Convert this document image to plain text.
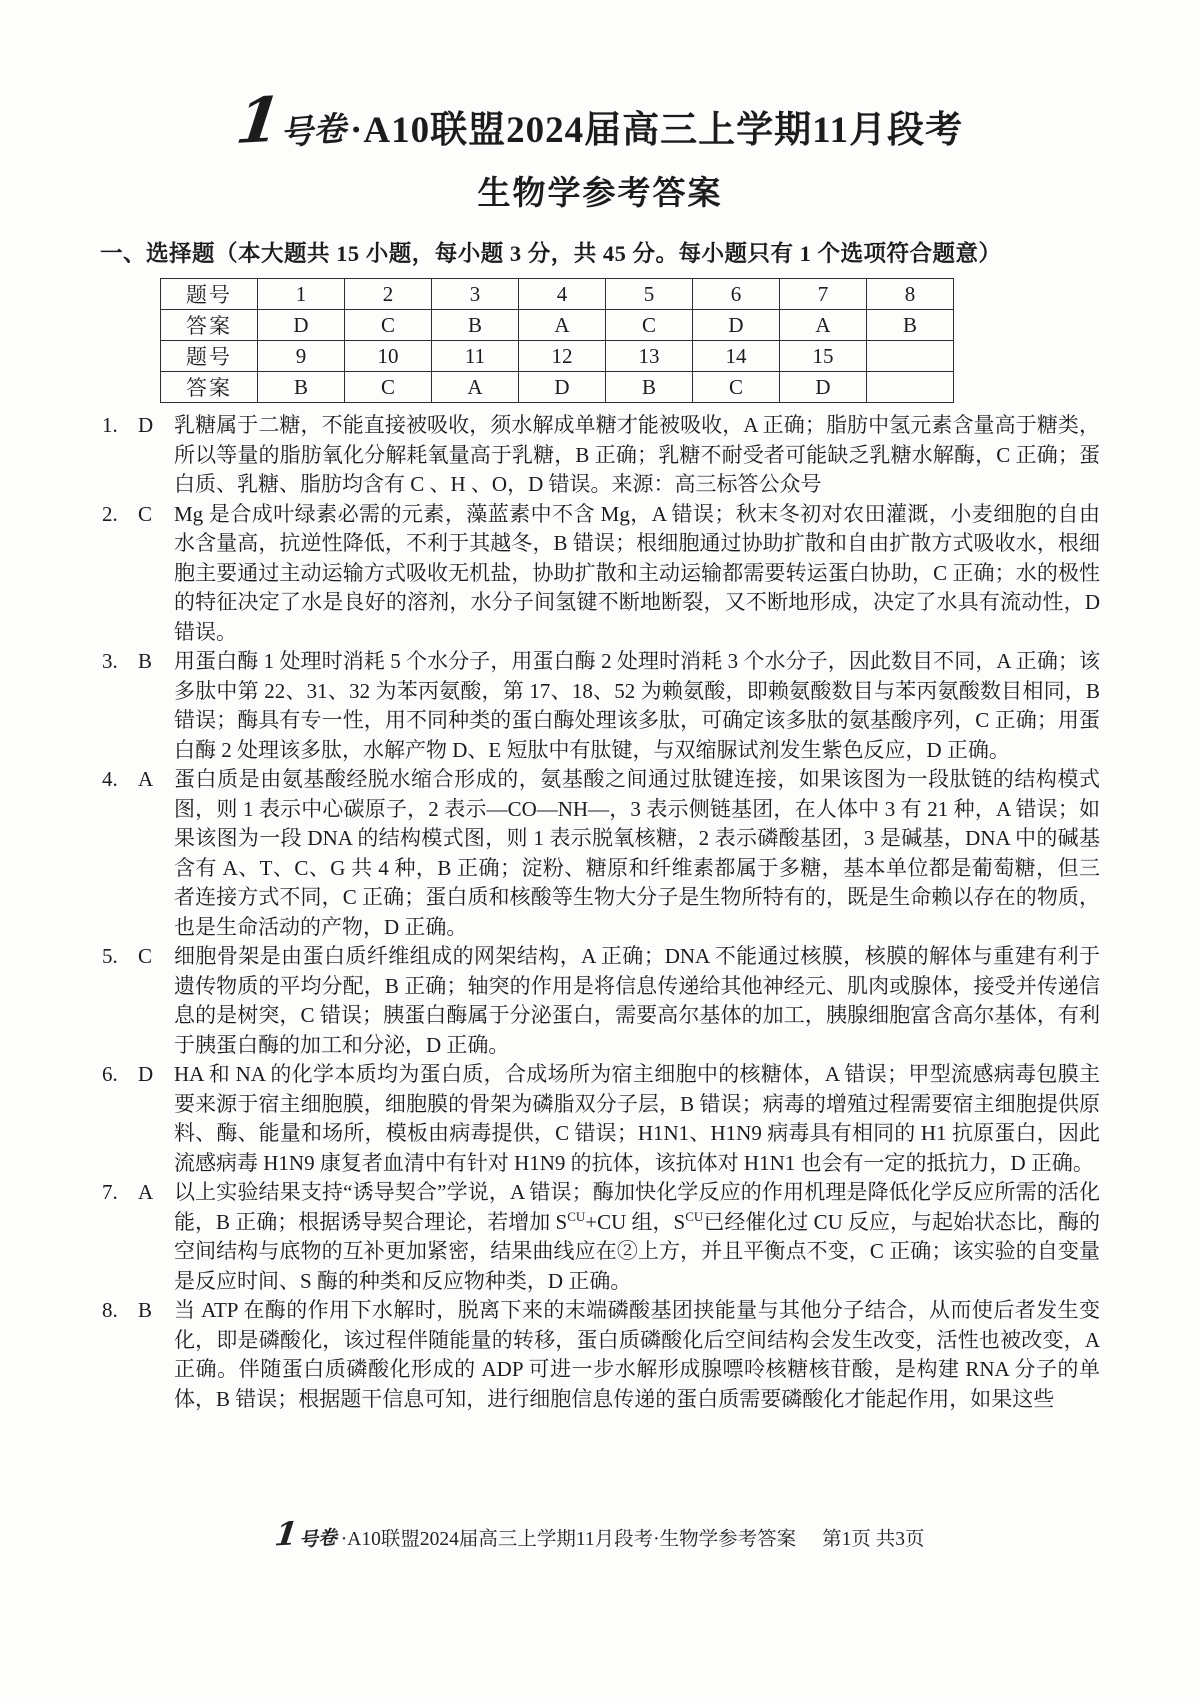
1
号卷 ·A10联盟2024届高三上学期11月段考
生物学参考答案
一、选择题（本大题共 15 小题，每小题 3 分，共 45 分。每小题只有 1 个选项符合题意）
题号	1	2	3	4	5	6	7	8
答案	D	C	B	A	C	D	A	B
题号	9	10	11	12	13	14	15	
答案	B	C	A	D	B	C	D	
1. D 乳糖属于二糖，不能直接被吸收，须水解成单糖才能被吸收，A 正确；脂肪中氢元素含量高于糖类，所以等量的脂肪氧化分解耗氧量高于乳糖，B 正确；乳糖不耐受者可能缺乏乳糖水解酶，C 正确；蛋白质、乳糖、脂肪均含有 C 、H 、O，D 错误。来源：高三标答公众号
2. C	Mg 是合成叶绿素必需的元素，藻蓝素中不含 Mg，A 错误；秋末冬初对农田灌溉，小麦细胞的自由水含量高，抗逆性降低，不利于其越冬，B 错误；根细胞通过协助扩散和自由扩散方式吸收水，根细胞主要通过主动运输方式吸收无机盐，协助扩散和主动运输都需要转运蛋白协助，C 正确；水的极性的特征决定了水是良好的溶剂，水分子间氢键不断地断裂，又不断地形成，决定了水具有流动性，D 错误。
3. B	用蛋白酶 1 处理时消耗 5 个水分子，用蛋白酶 2 处理时消耗 3 个水分子，因此数目不同，A 正确；该多肽中第 22、31、32 为苯丙氨酸，第 17、18、52 为赖氨酸，即赖氨酸数目与苯丙氨酸数目相同，B 错误；酶具有专一性，用不同种类的蛋白酶处理该多肽，可确定该多肽的氨基酸序列，C 正确；用蛋白酶 2 处理该多肽，水解产物 D、E 短肽中有肽键，与双缩脲试剂发生紫色反应，D 正确。
4. A 蛋白质是由氨基酸经脱水缩合形成的，氨基酸之间通过肽键连接，如果该图为一段肽链的结构模式图，则 1 表示中心碳原子，2 表示—CO—NH—，3 表示侧链基团，在人体中 3 有 21 种，A 错误；如果该图为一段 DNA 的结构模式图，则 1 表示脱氧核糖，2 表示磷酸基团，3 是碱基，DNA 中的碱基含有 A、T、C、G 共 4 种，B 正确；淀粉、糖原和纤维素都属于多糖，基本单位都是葡萄糖，但三者连接方式不同，C 正确；蛋白质和核酸等生物大分子是生物所特有的，既是生命赖以存在的物质，也是生命活动的产物，D 正确。
5. C	细胞骨架是由蛋白质纤维组成的网架结构，A 正确；DNA 不能通过核膜，核膜的解体与重建有利于遗传物质的平均分配，B 正确；轴突的作用是将信息传递给其他神经元、肌肉或腺体，接受并传递信息的是树突，C 错误；胰蛋白酶属于分泌蛋白，需要高尔基体的加工，胰腺细胞富含高尔基体，有利于胰蛋白酶的加工和分泌，D 正确。
6. D HA 和 NA 的化学本质均为蛋白质，合成场所为宿主细胞中的核糖体，A 错误；甲型流感病毒包膜主要来源于宿主细胞膜，细胞膜的骨架为磷脂双分子层，B 错误；病毒的增殖过程需要宿主细胞提供原料、酶、能量和场所，模板由病毒提供，C 错误；H1N1、H1N9 病毒具有相同的 H1 抗原蛋白，因此流感病毒 H1N9 康复者血清中有针对 H1N9 的抗体，该抗体对 H1N1 也会有一定的抵抗力，D 正确。
7. A 以上实验结果支持“诱导契合”学说，A 错误；酶加快化学反应的作用机理是降低化学反应所需的活化能，B 正确；根据诱导契合理论，若增加 $S^{CU}+CU$ 组，$S^{CU}$已经催化过 CU 反应，与起始状态比，酶的空间结构与底物的互补更加紧密，结果曲线应在②上方，并且平衡点不变，C 正确；该实验的自变量是反应时间、S 酶的种类和反应物种类，D 正确。
8. B	当 ATP 在酶的作用下水解时，脱离下来的末端磷酸基团挟能量与其他分子结合，从而使后者发生变化，即是磷酸化，该过程伴随能量的转移，蛋白质磷酸化后空间结构会发生改变，活性也被改变，A 正确。伴随蛋白质磷酸化形成的 ADP 可进一步水解形成腺嘌呤核糖核苷酸，是构建 RNA 分子的单体，B 错误；根据题干信息可知，进行细胞信息传递的蛋白质需要磷酸化才能起作用，如果这些
1
号卷 ·A10联盟2024届高三上学期11月段考·生物学参考答案 第1页 共3页
